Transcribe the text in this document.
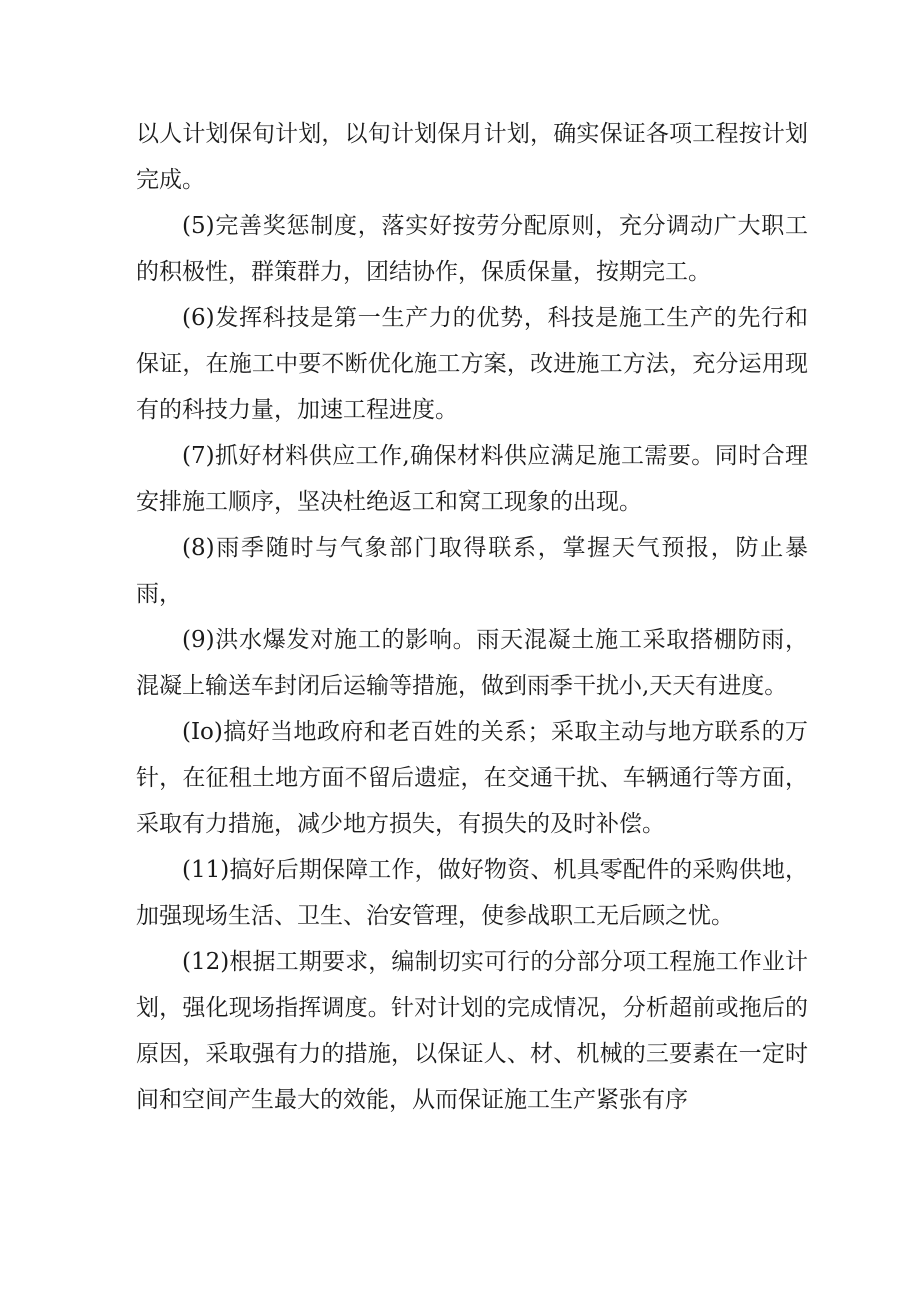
以人计划保旬计划，以旬计划保月计划，确实保证各项工程按计划完成。

(5)完善奖惩制度，落实好按劳分配原则，充分调动广大职工的积极性，群策群力，团结协作，保质保量，按期完工。

(6)发挥科技是第一生产力的优势，科技是施工生产的先行和保证，在施工中要不断优化施工方案，改进施工方法，充分运用现有的科技力量，加速工程进度。

(7)抓好材料供应工作,确保材料供应满足施工需要。同时合理安排施工顺序，坚决杜绝返工和窝工现象的出现。

(8)雨季随时与气象部门取得联系，掌握天气预报，防止暴雨，

(9)洪水爆发对施工的影响。雨天混凝土施工采取搭棚防雨，混凝上输送车封闭后运输等措施，做到雨季干扰小,天天有进度。

(Io)搞好当地政府和老百姓的关系；采取主动与地方联系的万针，在征租土地方面不留后遗症，在交通干扰、车辆通行等方面，采取有力措施，减少地方损失，有损失的及时补偿。

(11)搞好后期保障工作，做好物资、机具零配件的采购供地，加强现场生活、卫生、治安管理，使参战职工无后顾之忧。

(12)根据工期要求，编制切实可行的分部分项工程施工作业计划，强化现场指挥调度。针对计划的完成情况，分析超前或拖后的原因，采取强有力的措施，以保证人、材、机械的三要素在一定时间和空间产生最大的效能，从而保证施工生产紧张有序
